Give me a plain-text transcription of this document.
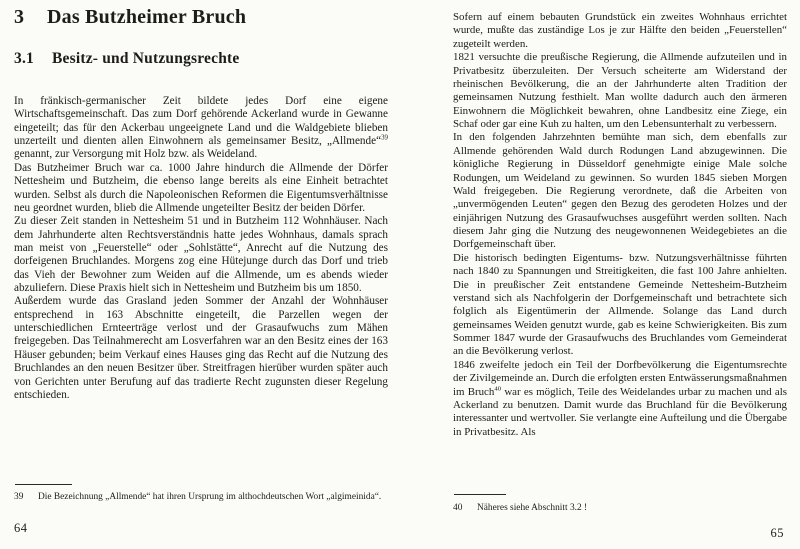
3 Das Butzheimer Bruch
3.1 Besitz- und Nutzungsrechte

In fränkisch-germanischer Zeit bildete jedes Dorf eine eigene Wirtschaftsgemeinschaft. Das zum Dorf gehörende Ackerland wurde in Gewanne eingeteilt; das für den Ackerbau ungeeignete Land und die Waldgebiete blieben unzerteilt und dienten allen Einwohnern als gemeinsamer Besitz, „Allmende“$^{39}$ genannt, zur Versorgung mit Holz bzw. als Weideland.

Das Butzheimer Bruch war ca. 1000 Jahre hindurch die Allmende der Dörfer Nettesheim und Butzheim, die ebenso lange bereits als eine Einheit betrachtet wurden. Selbst als durch die Napoleonischen Reformen die Eigentumsverhältnisse neu geordnet wurden, blieb die Allmende ungeteilter Besitz der beiden Dörfer.

Zu dieser Zeit standen in Nettesheim 51 und in Butzheim 112 Wohnhäuser. Nach dem Jahrhunderte alten Rechtsverständnis hatte jedes Wohnhaus, damals sprach man meist von „Feuerstelle“ oder „Sohlstätte“, Anrecht auf die Nutzung des dorfeigenen Bruchlandes. Morgens zog eine Hütejunge durch das Dorf und trieb das Vieh der Bewohner zum Weiden auf die Allmende, um es abends wieder abzuliefern. Diese Praxis hielt sich in Nettesheim und Butzheim bis um 1850.

Außerdem wurde das Grasland jeden Sommer der Anzahl der Wohnhäuser entsprechend in 163 Abschnitte eingeteilt, die Parzellen wegen der unterschiedlichen Ernteerträge verlost und der Grasaufwuchs zum Mähen freigegeben. Das Teilnahmerecht am Losverfahren war an den Besitz eines der 163 Häuser gebunden; beim Verkauf eines Hauses ging das Recht auf die Nutzung des Bruchlandes an den neuen Besitzer über. Streitfragen hierüber wurden später auch von Gerichten unter Berufung auf das tradierte Recht zugunsten dieser Regelung entschieden.

39	Die Bezeichnung „Allmende“ hat ihren Ursprung im althochdeutschen Wort „algimeinida“.
64

Sofern auf einem bebauten Grundstück ein zweites Wohnhaus errichtet wurde, mußte das zuständige Los je zur Hälfte den beiden „Feuerstellen“ zugeteilt werden.

1821 versuchte die preußische Regierung, die Allmende aufzuteilen und in Privatbesitz überzuleiten. Der Versuch scheiterte am Widerstand der rheinischen Bevölkerung, die an der Jahrhunderte alten Tradition der gemeinsamen Nutzung festhielt. Man wollte dadurch auch den ärmeren Einwohnern die Möglichkeit bewahren, ohne Landbesitz eine Ziege, ein Schaf oder gar eine Kuh zu halten, um den Lebensunterhalt zu verbessern.

In den folgenden Jahrzehnten bemühte man sich, dem ebenfalls zur Allmende gehörenden Wald durch Rodungen Land abzugewinnen. Die königliche Regierung in Düsseldorf genehmigte einige Male solche Rodungen, um Weideland zu gewinnen. So wurden 1845 sieben Morgen Wald freigegeben. Die Regierung verordnete, daß die Arbeiten von „unvermögenden Leuten“ gegen den Bezug des gerodeten Holzes und der einjährigen Nutzung des Grasaufwuchses ausgeführt werden sollten. Nach diesem Jahr ging die Nutzung des neugewonnenen Weidegebietes an die Dorfgemeinschaft über.

Die historisch bedingten Eigentums- bzw. Nutzungsverhältnisse führten nach 1840 zu Spannungen und Streitigkeiten, die fast 100 Jahre anhielten. Die in preußischer Zeit entstandene Gemeinde Nettesheim-Butzheim verstand sich als Nachfolgerin der Dorfgemeinschaft und betrachtete sich folglich als Eigentümerin der Allmende. Solange das Land durch gemeinsames Weiden genutzt wurde, gab es keine Schwierigkeiten. Bis zum Sommer 1847 wurde der Grasaufwuchs des Bruchlandes vom Gemeinderat an die Bevölkerung verlost.

1846 zweifelte jedoch ein Teil der Dorfbevölkerung die Eigentumsrechte der Zivilgemeinde an. Durch die erfolgten ersten Entwässerungsmaßnahmen im Bruch$^{40}$ war es möglich, Teile des Weidelandes urbar zu machen und als Ackerland zu benutzen. Damit wurde das Bruchland für die Bevölkerung interessanter und wertvoller. Sie verlangte eine Aufteilung und die Übergabe in Privatbesitz. Als

40	Näheres siehe Abschnitt 3.2 !
65
